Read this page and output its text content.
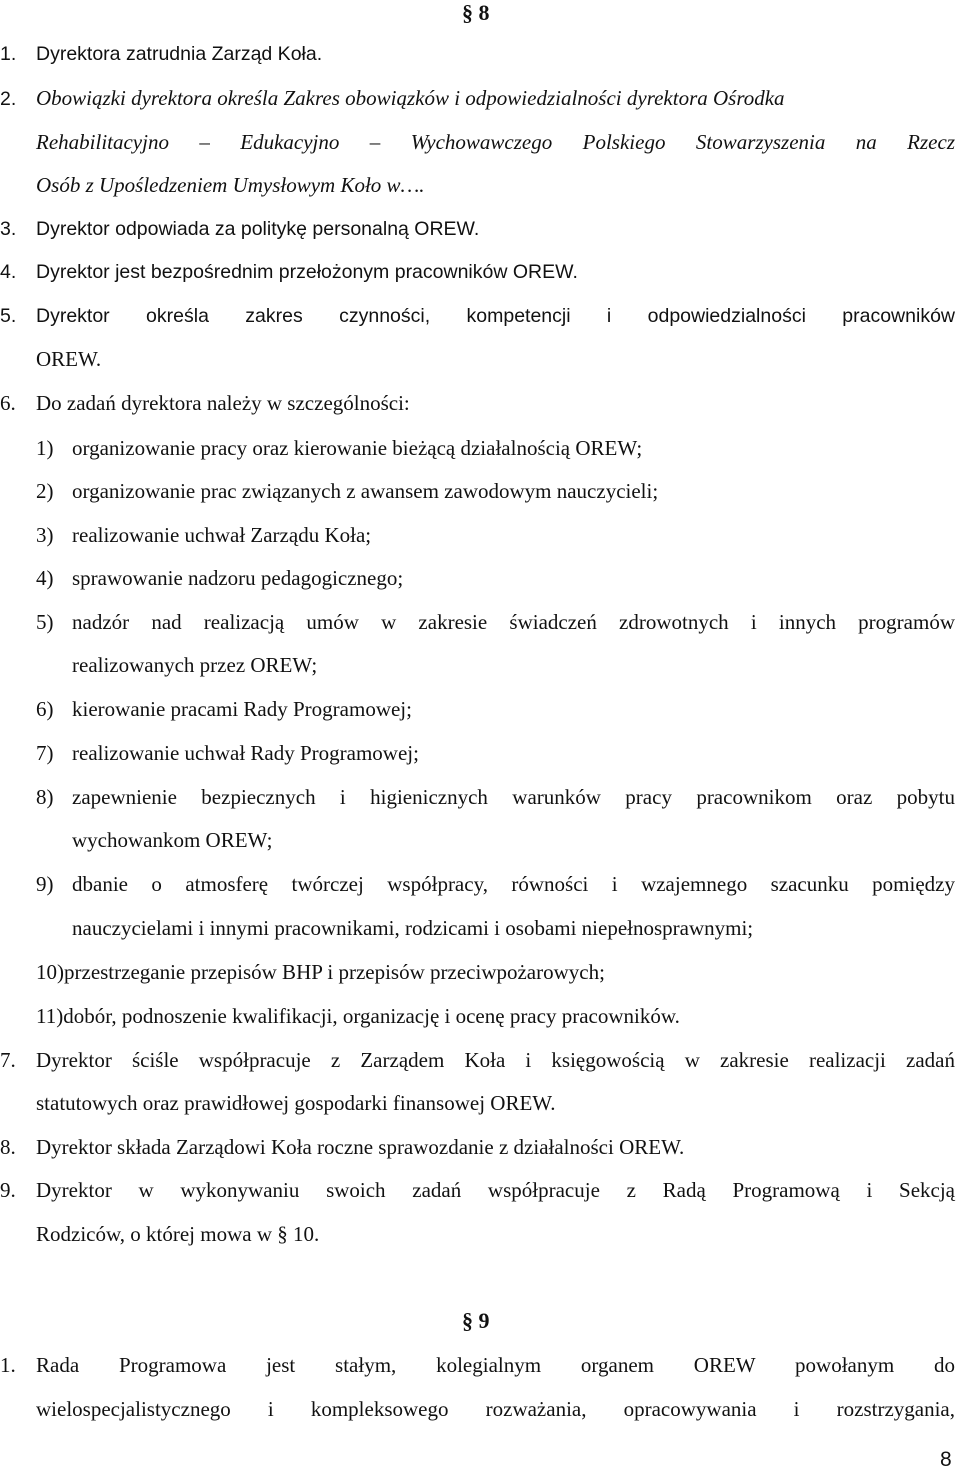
§ 8
1. Dyrektora zatrudnia Zarząd Koła.
2. Obowiązki dyrektora określa Zakres obowiązków i odpowiedzialności dyrektora Ośrodka
Rehabilitacyjno – Edukacyjno – Wychowawczego Polskiego Stowarzyszenia na Rzecz
Osób z Upośledzeniem Umysłowym Koło w….
3. Dyrektor odpowiada za politykę personalną OREW.
4. Dyrektor jest bezpośrednim przełożonym pracowników OREW.
5.	Dyrektor określa zakres czynności, kompetencji i odpowiedzialności pracowników
OREW.
6. Do zadań dyrektora należy w szczególności:
1) organizowanie pracy oraz kierowanie bieżącą działalnością OREW;
2) organizowanie prac związanych z awansem zawodowym nauczycieli;
3) realizowanie uchwał Zarządu Koła;
4) sprawowanie nadzoru pedagogicznego;
5) nadzór nad realizacją umów w zakresie świadczeń zdrowotnych i innych programów
realizowanych przez OREW;
6) kierowanie pracami Rady Programowej;
7) realizowanie uchwał Rady Programowej;
8) zapewnienie bezpiecznych i higienicznych warunków pracy pracownikom oraz pobytu
wychowankom OREW;
9) dbanie o atmosferę twórczej współpracy, równości i wzajemnego szacunku pomiędzy
nauczycielami i innymi pracownikami, rodzicami i osobami niepełnosprawnymi;
10)przestrzeganie przepisów BHP i przepisów przeciwpożarowych;
11)dobór, podnoszenie kwalifikacji, organizację i ocenę pracy pracowników.
7. Dyrektor ściśle współpracuje z Zarządem Koła i księgowością w zakresie realizacji zadań
statutowych oraz prawidłowej gospodarki finansowej OREW.
8. Dyrektor składa Zarządowi Koła roczne sprawozdanie z działalności OREW.
9. Dyrektor w wykonywaniu swoich zadań współpracuje z Radą Programową i Sekcją
Rodziców, o której mowa w § 10.
§ 9
1. Rada Programowa jest stałym, kolegialnym organem OREW powołanym do
wielospecjalistycznego i kompleksowego rozważania, opracowywania i rozstrzygania,
8
